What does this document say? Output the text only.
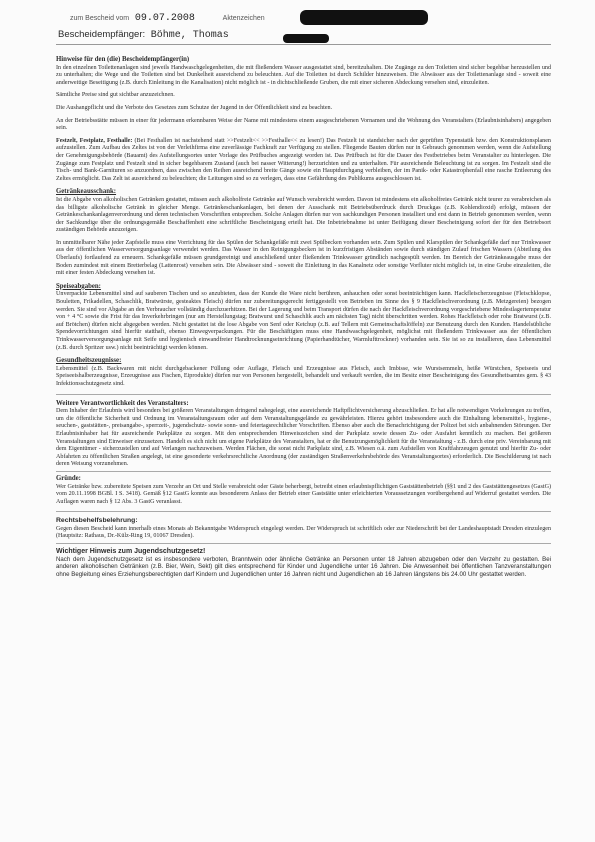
zum Bescheid vom 09.07.2008	Aktenzeichen
Bescheidempfänger: Böhme, Thomas
Hinweise für den (die) Bescheidempfänger(in)

In den einzelnen Toilettenanlagen sind jeweils Handwaschgelegenheiten, die mit fließendem Wasser ausgestattet sind, bereitzuhalten. Die Zugänge zu den Toiletten sind sicher begehbar herzustellen und zu unterhalten; die Wege und die Toiletten sind bei Dunkelheit ausreichend zu beleuchten. Auf die Toiletten ist durch Schilder hinzuweisen. Die Abwässer aus der Toilettenanlage sind - soweit eine anderweitige Beseitigung (z.B. durch Einleitung in die Kanalisation) nicht möglich ist - in dichtschließende Gruben, die mit einer sicheren Abdeckung versehen sind, einzuleiten.

Sämtliche Preise sind gut sichtbar anzuzeichnen.

Die Aushangpflicht und die Verbote des Gesetzes zum Schutze der Jugend in der Öffentlichkeit sind zu beachten.

An der Betriebsstätte müssen in einer für jedermann erkennbaren Weise der Name mit mindestens einem ausgeschriebenen Vornamen und die Wohnung des Veranstalters (Erlaubnisinhabers) angegeben sein.

Festzelt, Festplatz, Festhalle: (Bei Festhallen ist nachstehend statt >>Festzelt<< >>Festhalle<< zu lesen!) Das Festzelt ist standsicher nach der geprüften Typenstatik bzw. den Konstruktionsplanen aufzustellen. Zum Aufbau des Zeltes ist von der Verleihfirma eine zuverlässige Fachkraft zur Verfügung zu stellen. Fliegende Bauten dürfen nur in Gebrauch genommen werden, wenn die Aufstellung der Genehmigungsbehörde (Bauamt) des Aufstellungsortes unter Vorlage des Prüfbuches angezeigt worden ist. Das Prüfbuch ist für die Dauer des Festbetriebes beim Veranstalter zu hinterlegen. Die Zugänge zum Festplatz und Festzelt sind in sicher begehbarem Zustand (auch bei nasser Witterung!) herzurichten und zu unterhalten. Für ausreichende Beleuchtung ist zu sorgen. Im Festzelt sind die Tisch- und Bank-Garnituren so anzuordnen, dass zwischen den Reihen ausreichend breite Gänge sowie ein Hauptdurchgang verbleiben, der im Panik- oder Katastrophenfall eine rasche Entleerung des Zeltes ermöglicht. Das Zelt ist ausreichend zu beleuchten; die Leitungen sind so zu verlegen, dass eine Gefährdung des Publikums ausgeschlossen ist.

Getränkeausschank:

Ist die Abgabe von alkoholischen Getränken gestattet, müssen auch alkoholfreie Getränke auf Wunsch verabreicht werden. Davon ist mindestens ein alkoholfreies Getränk nicht teurer zu verabreichen als das billigste alkoholische Getränk in gleicher Menge. Getränkeschankanlagen, bei denen der Ausschank mit Betriebsüberdruck durch Druckgas (z.B. Kohlendioxid) erfolgt, müssen der Getränkeschankanlagenverordnung und deren technischen Vorschriften entsprechen. Solche Anlagen dürfen nur von sachkundigen Personen installiert und erst dann in Betrieb genommen werden, wenn der Sachkundige über die ordnungsgemäße Beschaffenheit eine schriftliche Bescheinigung erteilt hat. Die Inbetriebnahme ist unter Beifügung dieser Bescheinigung sofort der für den Betriebsort zuständigen Behörde anzuzeigen.

In unmittelbarer Nähe jeder Zapfstelle muss eine Vorrichtung für das Spülen der Schankgefäße mit zwei Spülbecken vorhanden sein. Zum Spülen und Klarspülen der Schankgefäße darf nur Trinkwasser aus der öffentlichen Wasserversorgungsanlage verwendet werden. Das Wasser in den Reinigungsbecken ist in kurzfristigen Abständen sowie durch ständigen Zulauf frischen Wassers (Abteilung des Überlaufs) fortlaufend zu erneuern. Schankgefäße müssen grundgereinigt und anschließend unter fließendem Trinkwasser gründlich nachgespült werden. Im Bereich der Getränkeausgabe muss der Boden zumindest mit einem Bretterbelag (Lattenrost) versehen sein. Die Abwässer sind - soweit die Einleitung in das Kanalnetz oder sonstige Vorfluter nicht möglich ist, in eine Grube einzuleiten, die mit einer festen Abdeckung versehen ist.

Speiseabgaben:

Unverpackte Lebensmittel sind auf sauberen Tischen und so anzubieten, dass der Kunde die Ware nicht berühren, anhauchen oder sonst beeinträchtigen kann. Hackfleischerzeugnisse (Fleischklopse, Bouletten, Frikadellen, Schaschlik, Bratwürste, gesteaktes Fleisch) dürfen nur zubereitungsgerecht fertiggestellt von Betrieben im Sinne des § 9 Hackfleischverordnung (z.B. Metzgereien) bezogen werden. Sie sind vor Abgabe an den Verbraucher vollständig durchzuerhitzen. Bei der Lagerung und beim Transport dürfen die nach der Hackfleischverordnung vorgeschriebene Mindestlagertemperatur von + 4 °C sowie die Frist für das Inverkehrbringen (nur am Herstellungstag; Bratwurst und Schaschlik auch am nächsten Tag) nicht überschritten werden. Rohes Hackfleisch oder rohe Bratwurst (z.B. auf Brötchen) dürfen nicht abgegeben werden. Nicht gestattet ist die lose Abgabe von Senf oder Ketchup (z.B. auf Tellern mit Gemeinschaftslöffeln) zur Benutzung durch den Kunden. Handelsübliche Spendevorrichtungen sind hierfür statthaft, ebenso Einwegverpackungen. Für die Beschäftigten muss eine Handwaschgelegenheit, möglichst mit fließendem Trinkwasser aus der öffentlichen Trinkwasserversorgungsanlage mit Seife und hygienisch einwandfreier Handtrocknungseinrichtung (Papierhandtücher, Warmlufttrockner) vorhanden sein. Sie ist so zu installieren, dass Lebensmittel (z.B. durch Spritzer usw.) nicht beeinträchtigt werden können.

Gesundheitszeugnisse:

Lebensmittel (z.B. Backwaren mit nicht durchgebackener Füllung oder Auflage, Fleisch und Erzeugnisse aus Fleisch, auch Imbisse, wie Wurstsemmeln, heiße Würstchen, Speiseeis und Speiseeishalberzeugnisse, Erzeugnisse aus Fischen, Eiprodukte) dürfen nur von Personen hergestellt, behandelt und verkauft werden, die im Besitz einer Bescheinigung des Gesundheitsamtes gem. § 43 Infektionsschutzgesetz sind.

Weitere Verantwortlichkeit des Veranstalters:

Dem Inhaber der Erlaubnis wird besonders bei größeren Veranstaltungen dringend nahegelegt, eine ausreichende Haftpflichtversicherung abzuschließen. Er hat alle notwendigen Vorkehrungen zu treffen, um die öffentliche Sicherheit und Ordnung im Veranstaltungsraum oder auf dem Veranstaltungsgelände zu gewährleisten. Hierzu gehört insbesondere auch die Einhaltung lebensmittel-, hygiene-, seuchen-, gaststätten-, preisangabe-, sperrzeit-, jugendschutz- sowie sonn- und feiertagsrechtlicher Vorschriften. Ebenso aber auch die Benachrichtigung der Polizei bei sich anbahnenden Störungen. Der Erlaubnisinhaber hat für ausreichende Parkplätze zu sorgen. Mit den entsprechenden Hinweiszeichen sind der Parkplatz sowie dessen Zu- oder Ausfahrt kenntlich zu machen. Bei größeren Veranstaltungen sind Einweiser einzusetzen. Handelt es sich nicht um eigene Parkplätze des Veranstalters, hat er die Benutzungsmöglichkeit für die Veranstaltung - z.B. durch eine priv. Vereinbarung mit dem Eigentümer - sicherzustellen und auf Verlangen nachzuweisen. Werden Flächen, die sonst nicht Parkplatz sind, z.B. Wiesen o.ä. zum Aufstellen von Kraftfahrzeugen genutzt und hierfür Zu- oder Abfahrten zu öffentlichen Straßen angelegt, ist eine gesonderte verkehrsrechtliche Anordnung (der zuständigen Straßenverkehrsbehörde des Veranstaltungsortes) erforderlich. Die Beschilderung ist nach deren Weisung vorzunehmen.

Gründe:

Wer Getränke bzw. zubereitete Speisen zum Verzehr an Ort und Stelle verabreicht oder Gäste beherbergt, betreibt einen erlaubnispflichtigen Gaststättenbetrieb (§§1 und 2 des Gaststättengesetzes (GastG) vom 20.11.1998 BGBl. I S. 3418). Gemäß §12 GastG konnte aus besonderem Anlass der Betrieb einer Gaststätte unter erleichterten Voraussetzungen vorübergehend auf Widerruf gestattet werden. Die Auflagen waren nach § 12 Abs. 3 GastG veranlasst.

Rechtsbehelfsbelehrung:

Gegen diesen Bescheid kann innerhalb eines Monats ab Bekanntgabe Widerspruch eingelegt werden. Der Widerspruch ist schriftlich oder zur Niederschrift bei der Landeshauptstadt Dresden einzulegen (Hauptsitz: Rathaus, Dr.-Külz-Ring 19, 01067 Dresden).

Wichtiger Hinweis zum Jugendschutzgesetz!

Nach dem Jugendschutzgesetz ist es insbesondere verboten, Branntwein oder ähnliche Getränke an Personen unter 18 Jahren abzugeben oder den Verzehr zu gestatten. Bei anderen alkoholischen Getränken (z.B. Bier, Wein, Sekt) gilt dies entsprechend für Kinder und Jugendliche unter 16 Jahren. Die Anwesenheit bei öffentlichen Tanzveranstaltungen ohne Begleitung eines Erziehungsberechtigten darf Kindern und Jugendlichen unter 16 Jahren nicht und Jugendlichen ab 16 Jahren längstens bis 24.00 Uhr gestattet werden.
